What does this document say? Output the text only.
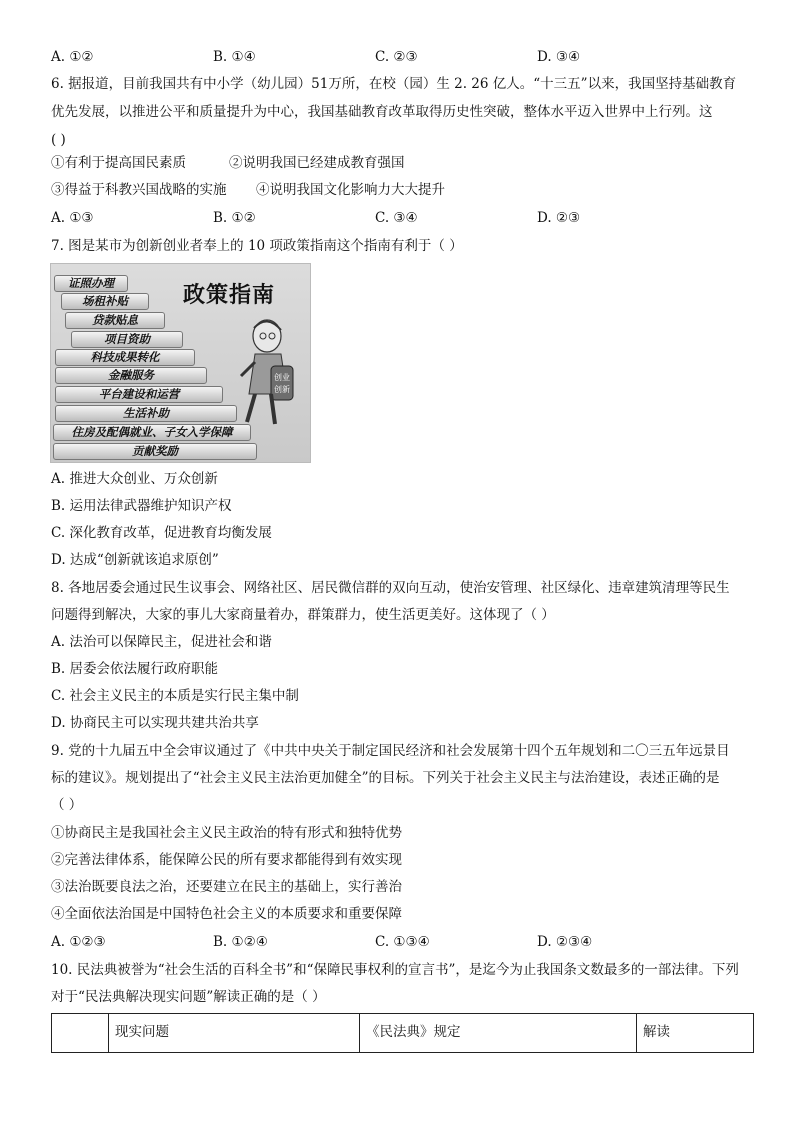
A. ①②	B. ①④	C. ②③	D. ③④
6. 据报道，目前我国共有中小学（幼儿园）51万所，在校（园）生 2. 26 亿人。“十三五”以来，我国坚持基础教育
优先发展，以推进公平和质量提升为中心，我国基础教育改革取得历史性突破，整体水平迈入世界中上行列。这
( )
①有利于提高国民素质	②说明我国已经建成教育强国
③得益于科教兴国战略的实施 ④说明我国文化影响力大大提升
A. ①③	B. ①②	C. ③④	D. ②③
7. 图是某市为创新创业者奉上的 10 项政策指南这个指南有利于（ ）
政策指南
证照办理
场租补贴
贷款贴息
项目资助
科技成果转化
金融服务
平台建设和运营
生活补助
住房及配偶就业、子女入学保障
贡献奖励
创业
创新
A. 推进大众创业、万众创新
B. 运用法律武器维护知识产权
C. 深化教育改革，促进教育均衡发展
D. 达成“创新就该追求原创”
8. 各地居委会通过民生议事会、网络社区、居民微信群的双向互动，使治安管理、社区绿化、违章建筑清理等民生
问题得到解决，大家的事儿大家商量着办，群策群力，使生活更美好。这体现了（ ）
A. 法治可以保障民主，促进社会和谐
B. 居委会依法履行政府职能
C. 社会主义民主的本质是实行民主集中制
D. 协商民主可以实现共建共治共享
9. 党的十九届五中全会审议通过了《中共中央关于制定国民经济和社会发展第十四个五年规划和二〇三五年远景目
标的建议》。规划提出了“社会主义民主法治更加健全”的目标。下列关于社会主义民主与法治建设，表述正确的是
（ ）
①协商民主是我国社会主义民主政治的特有形式和独特优势
②完善法律体系，能保障公民的所有要求都能得到有效实现
③法治既要良法之治，还要建立在民主的基础上，实行善治
④全面依法治国是中国特色社会主义的本质要求和重要保障
A. ①②③	B. ①②④	C. ①③④	D. ②③④
10. 民法典被誉为“社会生活的百科全书”和“保障民事权利的宣言书”，是迄今为止我国条文数最多的一部法律。下列
对于“民法典解决现实问题”解读正确的是（ ）
	现实问题	《民法典》规定	解读
